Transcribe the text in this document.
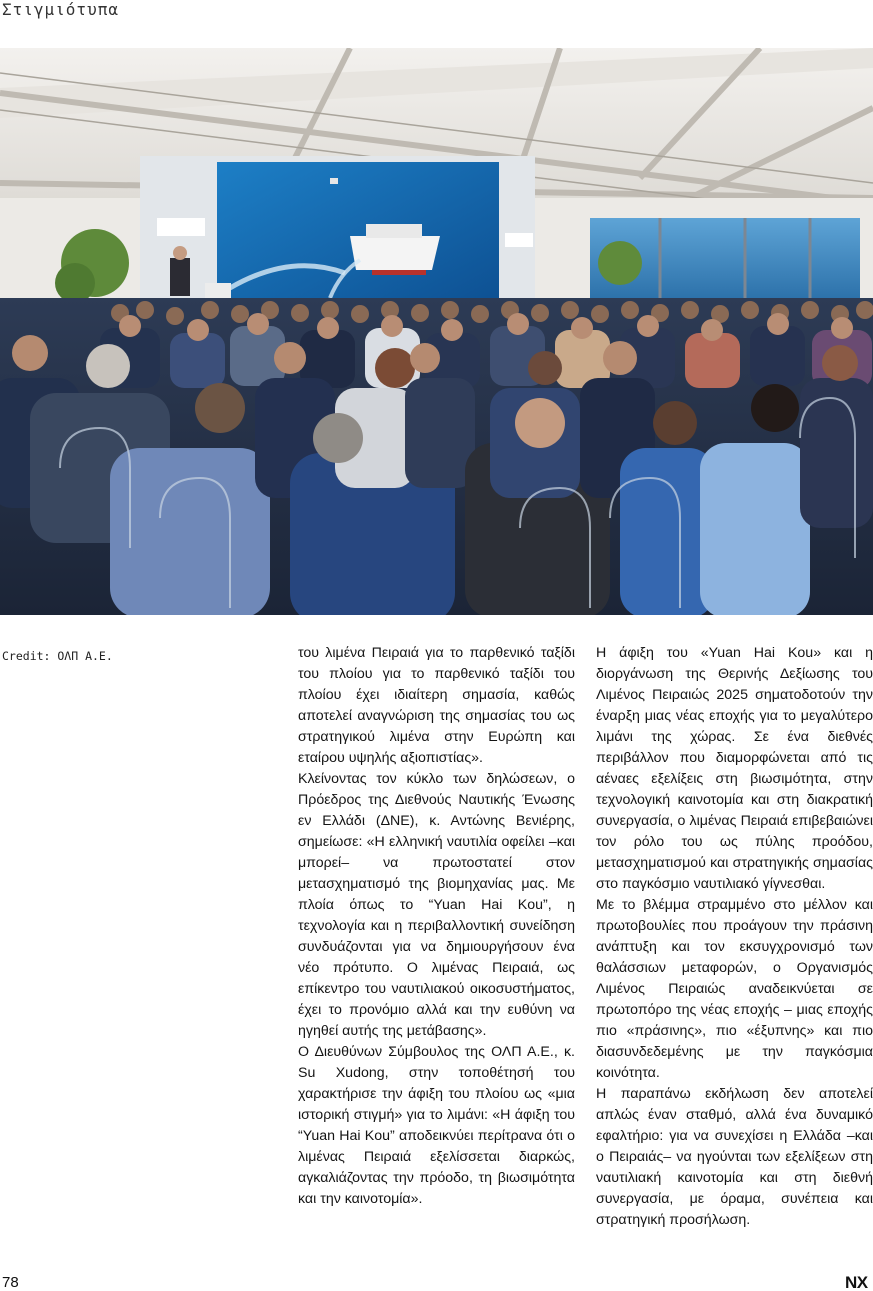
Στιγμιότυπα
Credit: ΟΛΠ Α.Ε.	του λιμένα Πειραιά για το παρθενικό ταξίδι του πλοίου για το παρθενικό ταξίδι του πλοίου έχει ιδιαίτερη σημασία, καθώς αποτελεί αναγνώριση της σημασίας του ως στρατηγικού λιμένα στην Ευρώπη και εταίρου υψηλής αξιοπιστίας».

Κλείνοντας τον κύκλο των δηλώσεων, ο Πρόεδρος της Διεθνούς Ναυτικής Ένωσης εν Ελλάδι (ΔΝΕ), κ. Αντώνης Βενιέρης, σημείωσε: «Η ελληνική ναυτιλία οφείλει –και μπορεί– να πρωτοστατεί στον μετασχηματισμό της βιομηχανίας μας. Με πλοία όπως το “Yuan Hai Kou”, η τεχνολογία και η περιβαλλοντική συνείδηση συνδυάζονται για να δημιουργήσουν ένα νέο πρότυπο. Ο λιμένας Πειραιά, ως επίκεντρο του ναυτιλιακού οικοσυστήματος, έχει το προνόμιο αλλά και την ευθύνη να ηγηθεί αυτής της μετάβασης».

Ο Διευθύνων Σύμβουλος της ΟΛΠ Α.Ε., κ. Su Xudong, στην τοποθέτησή του χαρακτήρισε την άφιξη του πλοίου ως «μια ιστορική στιγμή» για το λιμάνι: «Η άφιξη του “Yuan Hai Kou” αποδεικνύει περίτρανα ότι ο λιμένας Πειραιά εξελίσσεται διαρκώς, αγκαλιάζοντας την πρόοδο, τη βιωσιμότητα και την καινοτομία».

Η άφιξη του «Yuan Hai Kou» και η διοργάνωση της Θερινής Δεξίωσης του Λιμένος Πειραιώς 2025 σηματοδοτούν την έναρξη μιας νέας εποχής για το μεγαλύτερο λιμάνι της χώρας. Σε ένα διεθνές περιβάλλον που διαμορφώνεται από τις αέναες εξελίξεις στη βιωσιμότητα, στην τεχνολογική καινοτομία και στη διακρατική συνεργασία, ο λιμένας Πειραιά επιβεβαιώνει τον ρόλο του ως πύλης προόδου, μετασχηματισμού και στρατηγικής σημασίας στο παγκόσμιο ναυτιλιακό γίγνεσθαι.

Με το βλέμμα στραμμένο στο μέλλον και πρωτοβουλίες που προάγουν την πράσινη ανάπτυξη και τον εκσυγχρονισμό των θαλάσσιων μεταφορών, ο Οργανισμός Λιμένος Πειραιώς αναδεικνύεται σε πρωτοπόρο της νέας εποχής – μιας εποχής πιο «πράσινης», πιο «έξυπνης» και πιο διασυνδεδεμένης με την παγκόσμια κοινότητα.

Η παραπάνω εκδήλωση δεν αποτελεί απλώς έναν σταθμό, αλλά ένα δυναμικό εφαλτήριο: για να συνεχίσει η Ελλάδα –και ο Πειραιάς– να ηγούνται των εξελίξεων στη ναυτιλιακή καινοτομία και στη διεθνή συνεργασία, με όραμα, συνέπεια και στρατηγική προσήλωση.

78	NX
